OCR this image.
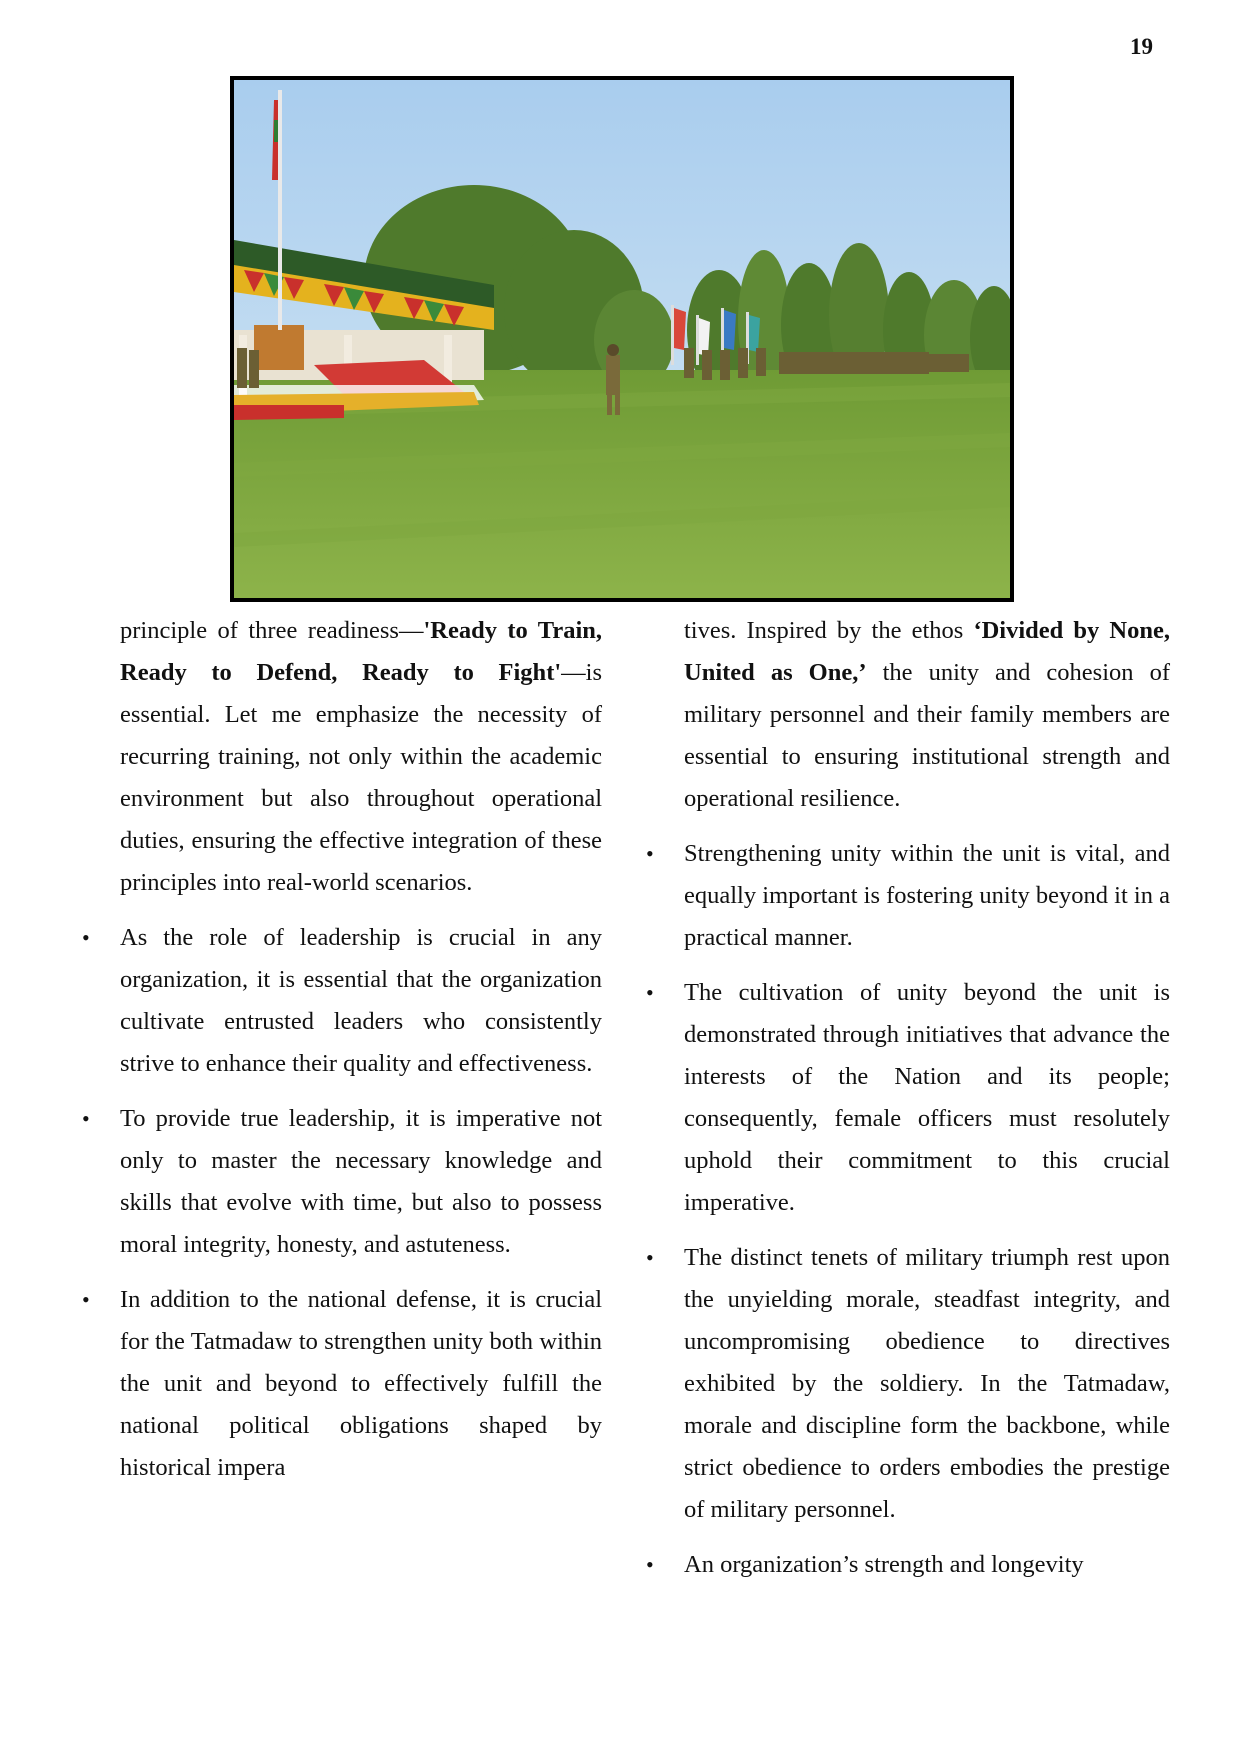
19

principle of three readiness—'Ready to Train, Ready to Defend, Ready to Fight'—is essential. Let me emphasize the necessity of recurring training, not only within the academic environment but also throughout operational duties, ensuring the effective integration of these principles into real-world scenarios.

• As the role of leadership is crucial in any organization, it is essential that the organization cultivate entrusted leaders who consistently strive to enhance their quality and effectiveness.
• To provide true leadership, it is imperative not only to master the necessary knowledge and skills that evolve with time, but also to possess moral integrity, honesty, and astuteness.
• In addition to the national defense, it is crucial for the Tatmadaw to strengthen unity both within the unit and beyond to effectively fulfill the national political obligations shaped by historical impera

tives. Inspired by the ethos ‘Divided by None, United as One,’ the unity and cohesion of military personnel and their family members are essential to ensuring institutional strength and operational resilience.

• Strengthening unity within the unit is vital, and equally important is fostering unity beyond it in a practical manner.
• The cultivation of unity beyond the unit is demonstrated through initiatives that advance the interests of the Nation and its people; consequently, female officers must resolutely uphold their commitment to this crucial imperative.
• The distinct tenets of military triumph rest upon the unyielding morale, steadfast integrity, and uncompromising obedience to directives exhibited by the soldiery. In the Tatmadaw, morale and discipline form the backbone, while strict obedience to orders embodies the prestige of military personnel.
• An organization’s strength and longevity
